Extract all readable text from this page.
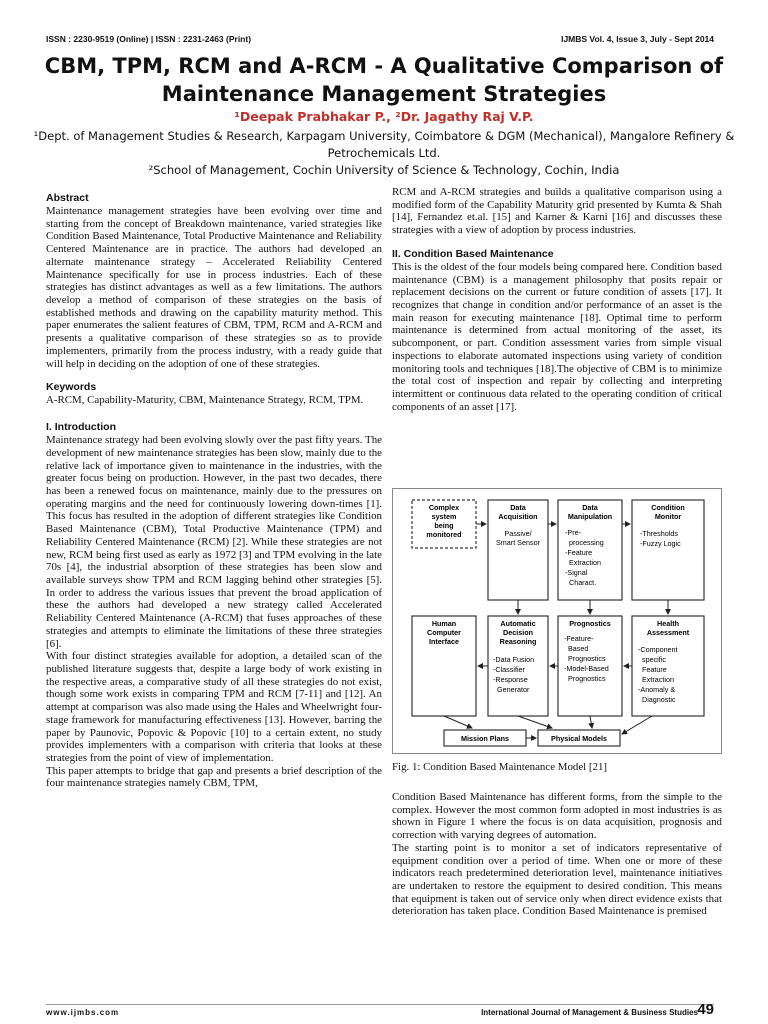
ISSN : 2230-9519 (Online) | ISSN : 2231-2463 (Print)	IJMBS Vol. 4, Issue 3, July - Sept 2014
CBM, TPM, RCM and A-RCM - A Qualitative Comparison of Maintenance Management Strategies
¹Deepak Prabhakar P., ²Dr. Jagathy Raj V.P.
¹Dept. of Management Studies & Research, Karpagam University, Coimbatore & DGM (Mechanical), Mangalore Refinery & Petrochemicals Ltd.
²School of Management, Cochin University of Science & Technology, Cochin, India

Abstract

Maintenance management strategies have been evolving over time and starting from the concept of Breakdown maintenance, varied strategies like Condition Based Maintenance, Total Productive Maintenance and Reliability Centered Maintenance are in practice. The authors had developed an alternate maintenance strategy – Accelerated Reliability Centered Maintenance specifically for use in process industries. Each of these strategies has distinct advantages as well as a few limitations. The authors develop a method of comparison of these strategies on the basis of established methods and drawing on the capability maturity method. This paper enumerates the salient features of CBM, TPM, RCM and A-RCM and presents a qualitative comparison of these strategies so as to provide implementers, primarily from the process industry, with a ready guide that will help in deciding on the adoption of one of these strategies.

Keywords

A-RCM, Capability-Maturity, CBM, Maintenance Strategy, RCM, TPM.

I. Introduction

Maintenance strategy had been evolving slowly over the past fifty years. The development of new maintenance strategies has been slow, mainly due to the relative lack of importance given to maintenance in the industries, with the greater focus being on production. However, in the past two decades, there has been a renewed focus on maintenance, mainly due to the pressures on operating margins and the need for continuously lowering down-times [1]. This focus has resulted in the adoption of different strategies like Condition Based Maintenance (CBM), Total Productive Maintenance (TPM) and Reliability Centered Maintenance (RCM) [2]. While these strategies are not new, RCM being first used as early as 1972 [3] and TPM evolving in the late 70s [4], the industrial absorption of these strategies has been slow and available surveys show TPM and RCM lagging behind other strategies [5]. In order to address the various issues that prevent the broad application of these the authors had developed a new strategy called Accelerated Reliability Centered Maintenance (A-RCM) that fuses approaches of these strategies and attempts to eliminate the limitations of these three strategies [6].

With four distinct strategies available for adoption, a detailed scan of the published literature suggests that, despite a large body of work existing in the respective areas, a comparative study of all these strategies do not exist, though some work exists in comparing TPM and RCM [7-11] and [12]. An attempt at comparison was also made using the Hales and Wheelwright four-stage framework for manufacturing effectiveness [13]. However, barring the paper by Paunovic, Popovic & Popovic [10] to a certain extent, no study provides implementers with a comparison with criteria that looks at these strategies from the point of view of implementation.

This paper attempts to bridge that gap and presents a brief description of the four maintenance strategies namely CBM, TPM,

RCM and A-RCM strategies and builds a qualitative comparison using a modified form of the Capability Maturity grid presented by Kumta & Shah [14], Fernandez et.al. [15] and Karner & Karni [16] and discusses these strategies with a view of adoption by process industries.

II. Condition Based Maintenance

This is the oldest of the four models being compared here. Condition based maintenance (CBM) is a management philosophy that posits repair or replacement decisions on the current or future condition of assets [17]. It recognizes that change in condition and/or performance of an asset is the main reason for executing maintenance [18]. Optimal time to perform maintenance is determined from actual monitoring of the asset, its subcomponent, or part. Condition assessment varies from simple visual inspections to elaborate automated inspections using variety of condition monitoring tools and techniques [18].The objective of CBM is to minimize the total cost of inspection and repair by collecting and interpreting intermittent or continuous data related to the operating condition of critical components of an asset [17].

Complex
system
being
monitored
Data
Acquisition
Passive/
Smart Sensor
Data
Manipulation
-Pre-
processing
-Feature
Extraction
-Signal
Charact.
Condition
Monitor
-Thresholds
-Fuzzy Logic
Human
Computer
Interface
Automatic
Decision
Reasoning
-Data Fusion
-Classifier
-Response
Generator
Prognostics
-Feature-
Based
Prognostics
-Model-Based
Prognostics
Health
Assessment
-Component
specific
Feature
Extraction
-Anomaly &
Diagnostic
Mission Plans	Physical Models
Fig. 1: Condition Based Maintenance Model [21]

Condition Based Maintenance has different forms, from the simple to the complex. However the most common form adopted in most industries is as shown in Figure 1 where the focus is on data acquisition, prognosis and correction with varying degrees of automation.

The starting point is to monitor a set of indicators representative of equipment condition over a period of time. When one or more of these indicators reach predetermined deterioration level, maintenance initiatives are undertaken to restore the equipment to desired condition. This means that equipment is taken out of service only when direct evidence exists that deterioration has taken place. Condition Based Maintenance is premised

www.ijmbs.com	International Journal of Management & Business Studies 49
